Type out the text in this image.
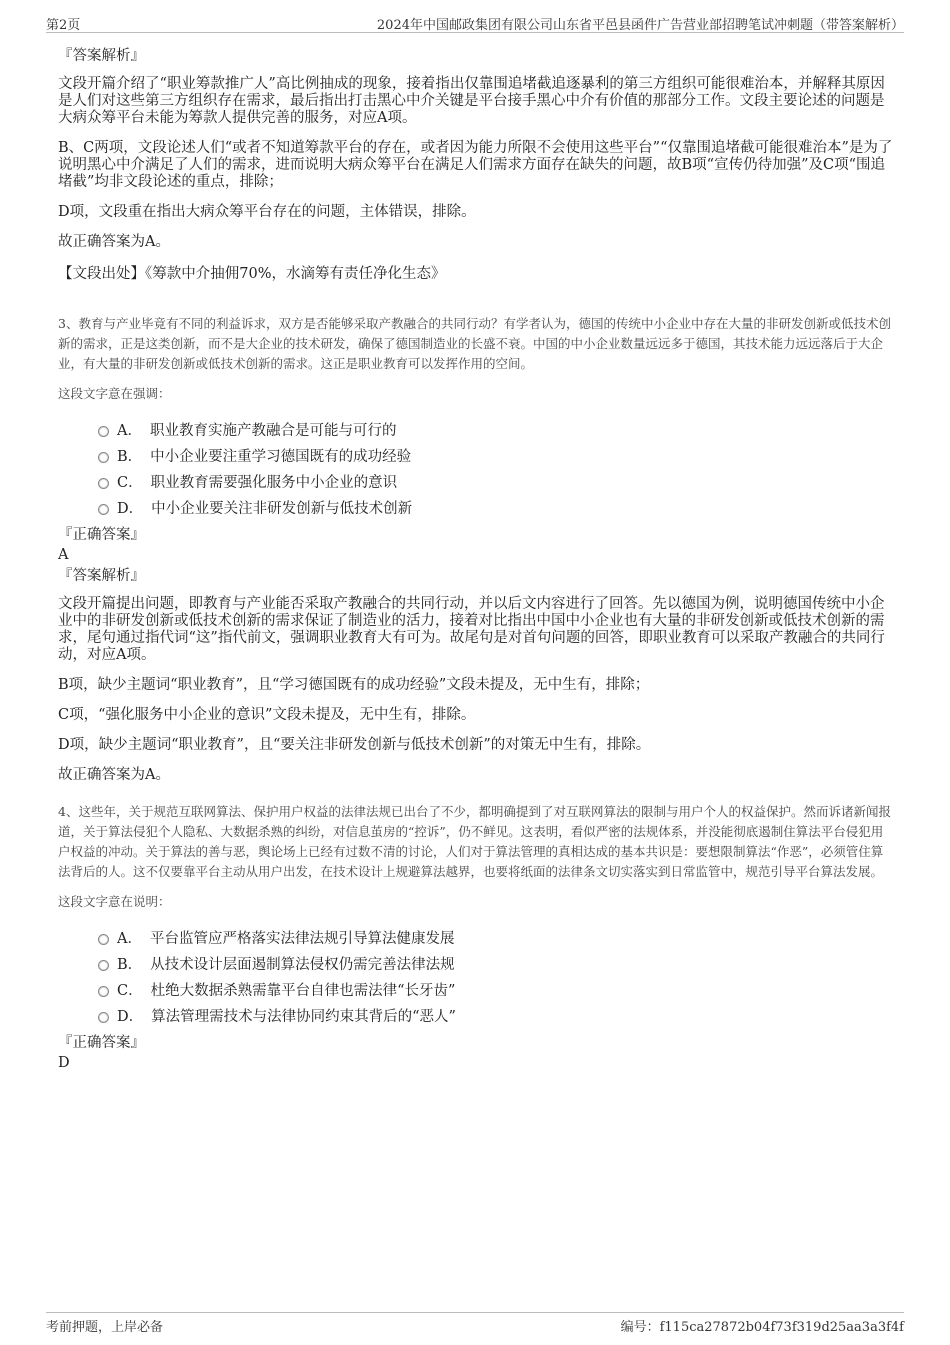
第2页	2024年中国邮政集团有限公司山东省平邑县函件广告营业部招聘笔试冲刺题（带答案解析）
『答案解析』

文段开篇介绍了“职业筹款推广人”高比例抽成的现象，接着指出仅靠围追堵截追逐暴利的第三方组织可能很难治本，并解释其原因是人们对这些第三方组织存在需求，最后指出打击黑心中介关键是平台接手黑心中介有价值的那部分工作。文段主要论述的问题是大病众筹平台未能为筹款人提供完善的服务，对应A项。

B、C两项，文段论述人们“或者不知道筹款平台的存在，或者因为能力所限不会使用这些平台”“仅靠围追堵截可能很难治本”是为了说明黑心中介满足了人们的需求，进而说明大病众筹平台在满足人们需求方面存在缺失的问题，故B项“宣传仍待加强”及C项“围追堵截”均非文段论述的重点，排除；

D项，文段重在指出大病众筹平台存在的问题，主体错误，排除。

故正确答案为A。

【文段出处】《筹款中介抽佣70%，水滴筹有责任净化生态》

3、教育与产业毕竟有不同的利益诉求，双方是否能够采取产教融合的共同行动？有学者认为，德国的传统中小企业中存在大量的非研发创新或低技术创新的需求，正是这类创新，而不是大企业的技术研发，确保了德国制造业的长盛不衰。中国的中小企业数量远远多于德国，其技术能力远远落后于大企业，有大量的非研发创新或低技术创新的需求。这正是职业教育可以发挥作用的空间。

这段文字意在强调：

A． 职业教育实施产教融合是可能与可行的
B． 中小企业要注重学习德国既有的成功经验
C． 职业教育需要强化服务中小企业的意识
D． 中小企业要关注非研发创新与低技术创新
『正确答案』
A
『答案解析』

文段开篇提出问题，即教育与产业能否采取产教融合的共同行动，并以后文内容进行了回答。先以德国为例，说明德国传统中小企业中的非研发创新或低技术创新的需求保证了制造业的活力，接着对比指出中国中小企业也有大量的非研发创新或低技术创新的需求，尾句通过指代词“这”指代前文，强调职业教育大有可为。故尾句是对首句问题的回答，即职业教育可以采取产教融合的共同行动，对应A项。

B项，缺少主题词“职业教育”，且“学习德国既有的成功经验”文段未提及，无中生有，排除；

C项，“强化服务中小企业的意识”文段未提及，无中生有，排除。

D项，缺少主题词“职业教育”，且“要关注非研发创新与低技术创新”的对策无中生有，排除。

故正确答案为A。

4、这些年，关于规范互联网算法、保护用户权益的法律法规已出台了不少，都明确提到了对互联网算法的限制与用户个人的权益保护。然而诉诸新闻报道，关于算法侵犯个人隐私、大数据杀熟的纠纷，对信息茧房的“控诉”，仍不鲜见。这表明，看似严密的法规体系，并没能彻底遏制住算法平台侵犯用户权益的冲动。关于算法的善与恶，舆论场上已经有过数不清的讨论，人们对于算法管理的真相达成的基本共识是：要想限制算法“作恶”，必须管住算法背后的人。这不仅要靠平台主动从用户出发，在技术设计上规避算法越界，也要将纸面的法律条文切实落实到日常监管中，规范引导平台算法发展。

这段文字意在说明：

A． 平台监管应严格落实法律法规引导算法健康发展
B． 从技术设计层面遏制算法侵权仍需完善法律法规
C． 杜绝大数据杀熟需靠平台自律也需法律“长牙齿”
D． 算法管理需技术与法律协同约束其背后的“恶人”
『正确答案』
D
考前押题，上岸必备	编号：f115ca27872b04f73f319d25aa3a3f4f
